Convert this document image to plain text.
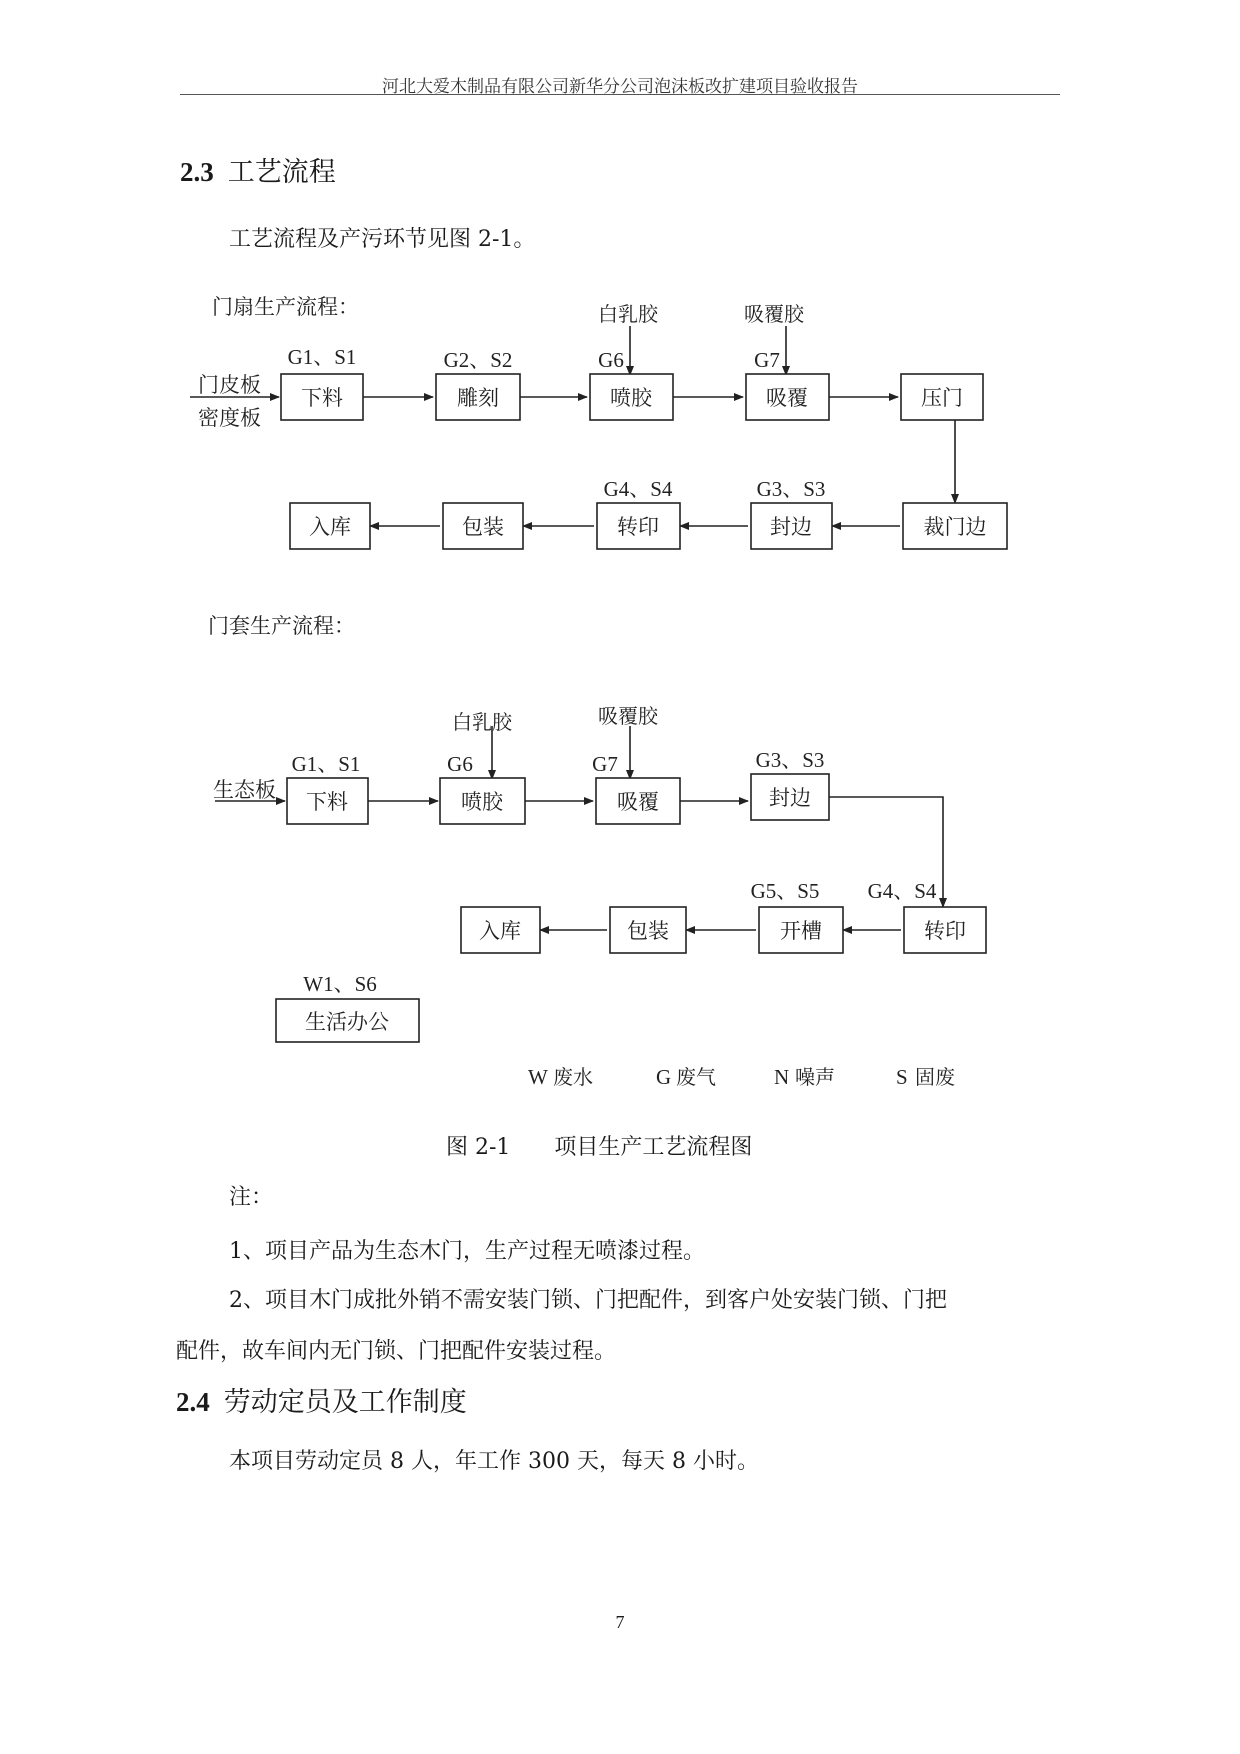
河北大爱木制品有限公司新华分公司泡沫板改扩建项目验收报告
2.3 工艺流程
工艺流程及产污环节见图 2-1。
门扇生产流程：
门皮板
密度板
白乳胶	吸覆胶
下料
G1、S1
雕刻
G2、S2
喷胶
G6
吸覆
G7
压门
入库	包装	转印
G4、S4
封边
G3、S3
裁门边
门套生产流程：
生态板
白乳胶	吸覆胶
下料
G1、S1
喷胶
G6
吸覆
G7
封边
G3、S3
入库	包装	开槽
G5、S5
转印
G4、S4
生活办公
W1、S6
W 废水	G 废气	N 噪声	S 固废
图 2-1　　项目生产工艺流程图
注：
1、项目产品为生态木门，生产过程无喷漆过程。
2、项目木门成批外销不需安装门锁、门把配件，到客户处安装门锁、门把
配件，故车间内无门锁、门把配件安装过程。
2.4 劳动定员及工作制度
本项目劳动定员 8 人，年工作 300 天，每天 8 小时。
7
